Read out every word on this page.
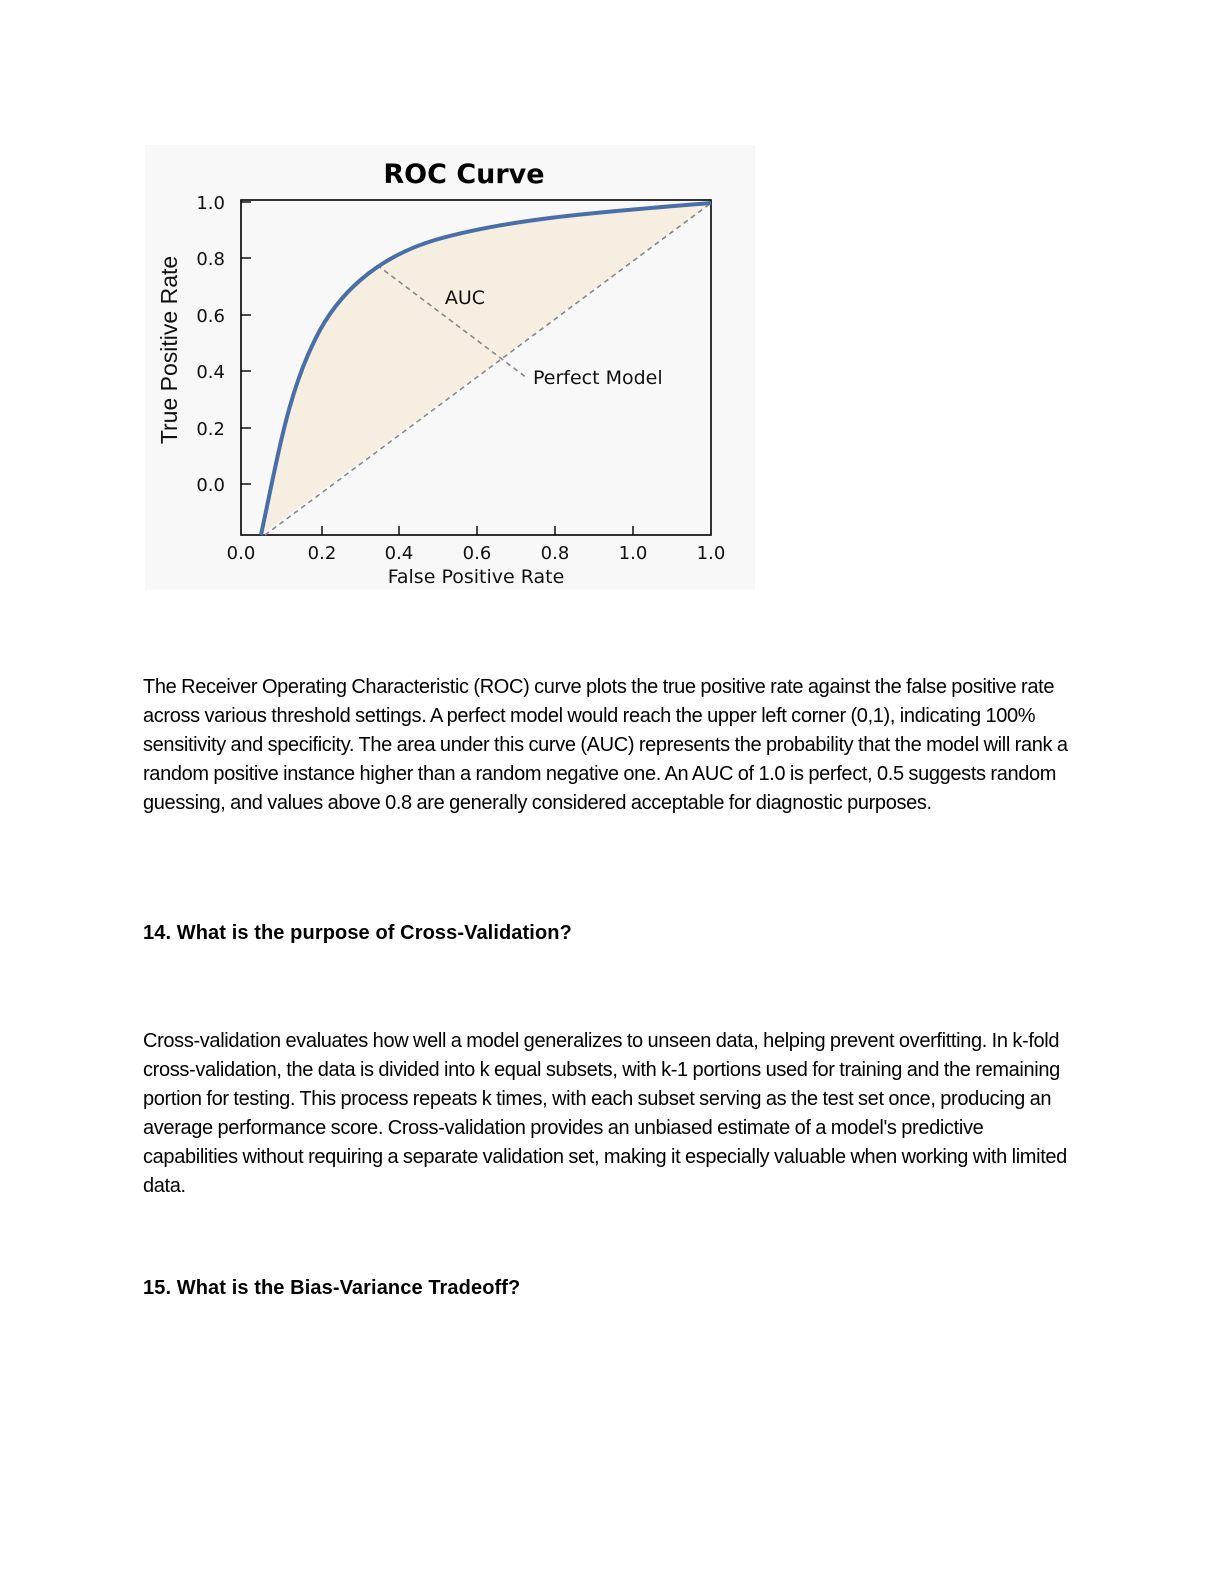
ROC Curve
1.0
0.8
0.6
0.4
0.2
0.0
0.0	0.2	0.4	0.6	0.8	1.0	1.0
False Positive Rate
True Positive Rate	AUC
Perfect Model

The Receiver Operating Characteristic (ROC) curve plots the true positive rate against the false positive rate across various threshold settings. A perfect model would reach the upper left corner (0,1), indicating 100% sensitivity and specificity. The area under this curve (AUC) represents the probability that the model will rank a random positive instance higher than a random negative one. An AUC of 1.0 is perfect, 0.5 suggests random guessing, and values above 0.8 are generally considered acceptable for diagnostic purposes.

14. What is the purpose of Cross-Validation?

Cross-validation evaluates how well a model generalizes to unseen data, helping prevent overfitting. In k-fold cross-validation, the data is divided into k equal subsets, with k-1 portions used for training and the remaining portion for testing. This process repeats k times, with each subset serving as the test set once, producing an average performance score. Cross-validation provides an unbiased estimate of a model's predictive capabilities without requiring a separate validation set, making it especially valuable when working with limited data.

15. What is the Bias-Variance Tradeoff?
